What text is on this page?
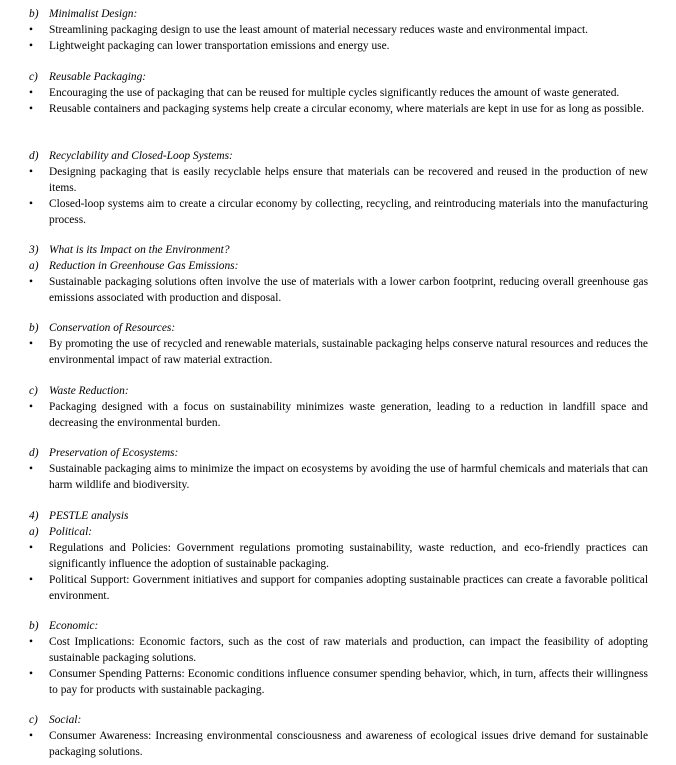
b) Minimalist Design:
• Streamlining packaging design to use the least amount of material necessary reduces waste and environmental impact.
• Lightweight packaging can lower transportation emissions and energy use.
c) Reusable Packaging:
• Encouraging the use of packaging that can be reused for multiple cycles significantly reduces the amount of waste generated.
• Reusable containers and packaging systems help create a circular economy, where materials are kept in use for as long as possible.
d) Recyclability and Closed-Loop Systems:
• Designing packaging that is easily recyclable helps ensure that materials can be recovered and reused in the production of new items.
• Closed-loop systems aim to create a circular economy by collecting, recycling, and reintroducing materials into the manufacturing process.
3) What is its Impact on the Environment?
a) Reduction in Greenhouse Gas Emissions:
• Sustainable packaging solutions often involve the use of materials with a lower carbon footprint, reducing overall greenhouse gas emissions associated with production and disposal.
b) Conservation of Resources:
• By promoting the use of recycled and renewable materials, sustainable packaging helps conserve natural resources and reduces the environmental impact of raw material extraction.
c) Waste Reduction:
• Packaging designed with a focus on sustainability minimizes waste generation, leading to a reduction in landfill space and decreasing the environmental burden.
d) Preservation of Ecosystems:
• Sustainable packaging aims to minimize the impact on ecosystems by avoiding the use of harmful chemicals and materials that can harm wildlife and biodiversity.
4) PESTLE analysis
a) Political:
• Regulations and Policies: Government regulations promoting sustainability, waste reduction, and eco-friendly practices can significantly influence the adoption of sustainable packaging.
• Political Support: Government initiatives and support for companies adopting sustainable practices can create a favorable political environment.
b) Economic:
• Cost Implications: Economic factors, such as the cost of raw materials and production, can impact the feasibility of adopting sustainable packaging solutions.
• Consumer Spending Patterns: Economic conditions influence consumer spending behavior, which, in turn, affects their willingness to pay for products with sustainable packaging.
c) Social:
• Consumer Awareness: Increasing environmental consciousness and awareness of ecological issues drive demand for sustainable packaging solutions.
